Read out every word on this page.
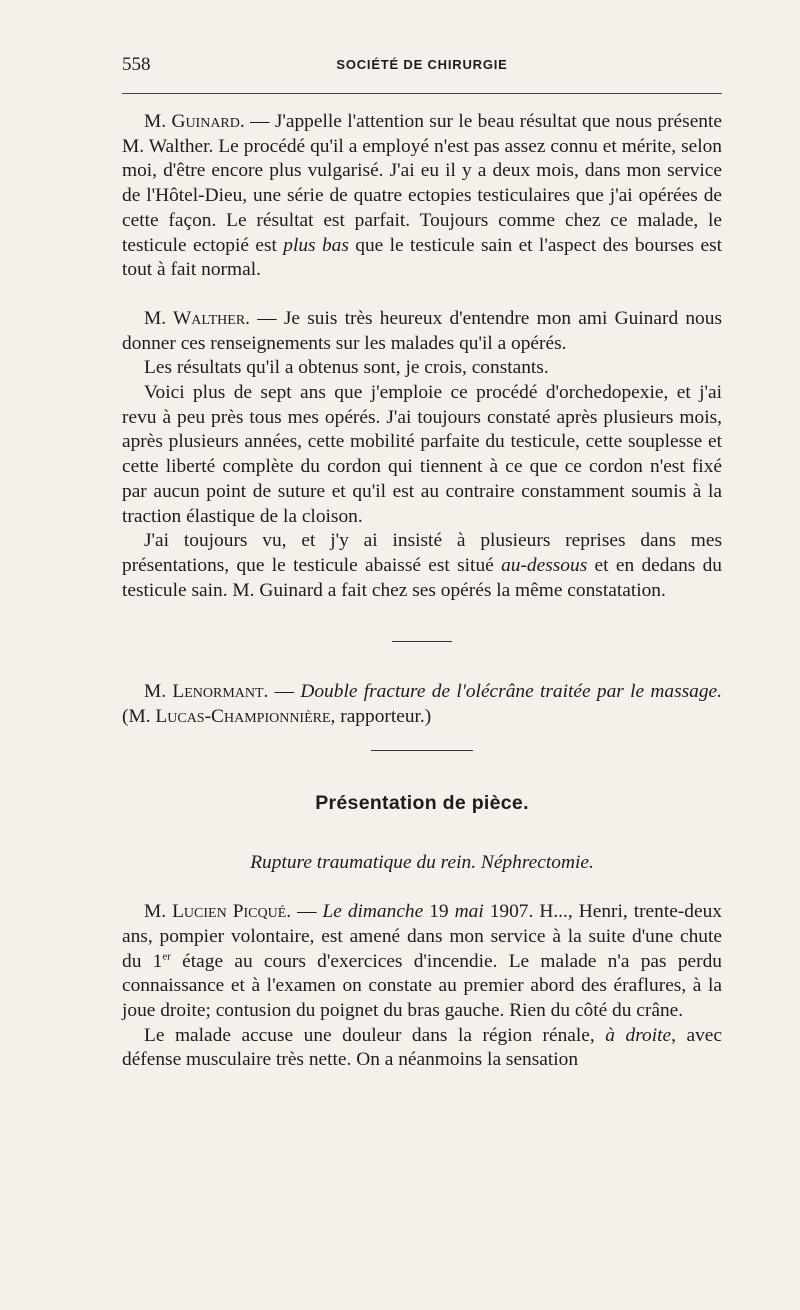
558	SOCIÉTÉ DE CHIRURGIE

M. Guinard. — J'appelle l'attention sur le beau résultat que nous présente M. Walther. Le procédé qu'il a employé n'est pas assez connu et mérite, selon moi, d'être encore plus vulgarisé. J'ai eu il y a deux mois, dans mon service de l'Hôtel-Dieu, une série de quatre ectopies testiculaires que j'ai opérées de cette façon. Le résultat est parfait. Toujours comme chez ce malade, le testicule ectopié est plus bas que le testicule sain et l'aspect des bourses est tout à fait normal.

M. Walther. — Je suis très heureux d'entendre mon ami Guinard nous donner ces renseignements sur les malades qu'il a opérés.

Les résultats qu'il a obtenus sont, je crois, constants.

Voici plus de sept ans que j'emploie ce procédé d'orchedopexie, et j'ai revu à peu près tous mes opérés. J'ai toujours constaté après plusieurs mois, après plusieurs années, cette mobilité parfaite du testicule, cette souplesse et cette liberté complète du cordon qui tiennent à ce que ce cordon n'est fixé par aucun point de suture et qu'il est au contraire constamment soumis à la traction élastique de la cloison.

J'ai toujours vu, et j'y ai insisté à plusieurs reprises dans mes présentations, que le testicule abaissé est situé au-dessous et en dedans du testicule sain. M. Guinard a fait chez ses opérés la même constatation.

M. Lenormant. — Double fracture de l'olécrâne traitée par le massage. (M. Lucas-Championnière, rapporteur.)

Présentation de pièce.
Rupture traumatique du rein. Néphrectomie.

M. Lucien Picqué. — Le dimanche 19 mai 1907. H..., Henri, trente-deux ans, pompier volontaire, est amené dans mon service à la suite d'une chute du 1er étage au cours d'exercices d'incendie. Le malade n'a pas perdu connaissance et à l'examen on constate au premier abord des éraflures, à la joue droite; contusion du poignet du bras gauche. Rien du côté du crâne.

Le malade accuse une douleur dans la région rénale, à droite, avec défense musculaire très nette. On a néanmoins la sensation
